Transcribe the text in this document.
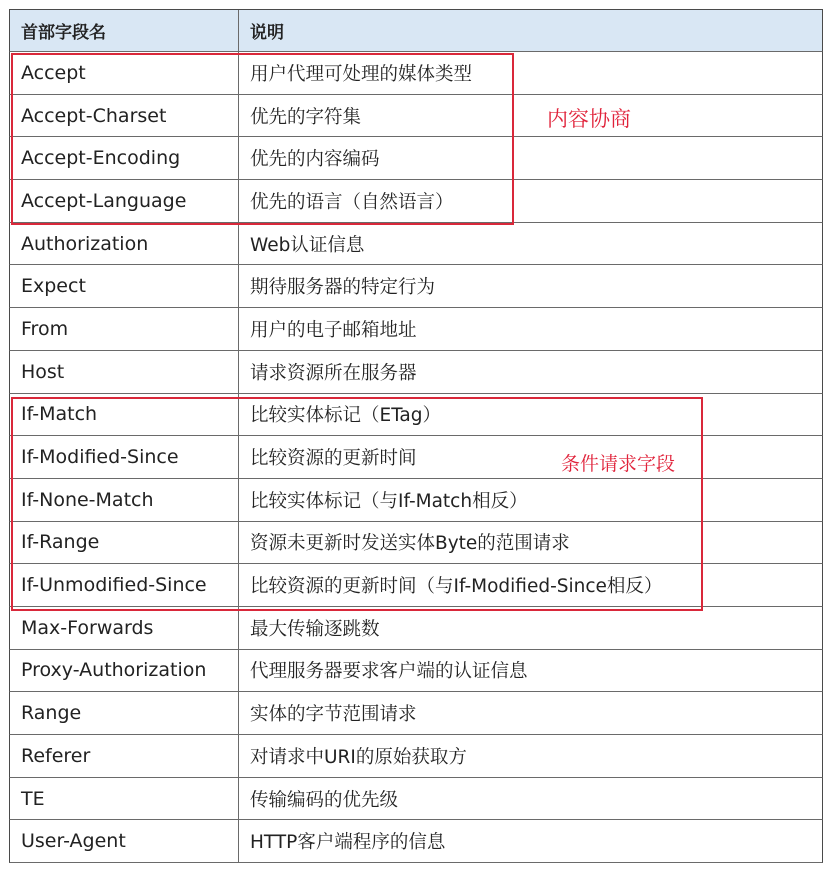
首部字段名	说明
Accept	用户代理可处理的媒体类型
Accept-Charset	优先的字符集
Accept-Encoding	优先的内容编码
Accept-Language	优先的语言（自然语言）
Authorization	Web认证信息
Expect	期待服务器的特定行为
From	用户的电子邮箱地址
Host	请求资源所在服务器
If-Match	比较实体标记（ETag）
If-Modified-Since	比较资源的更新时间
If-None-Match	比较实体标记（与If-Match相反）
If-Range	资源未更新时发送实体Byte的范围请求
If-Unmodified-Since	比较资源的更新时间（与If-Modified-Since相反）
Max-Forwards	最大传输逐跳数
Proxy-Authorization	代理服务器要求客户端的认证信息
Range	实体的字节范围请求
Referer	对请求中URI的原始获取方
TE	传输编码的优先级
User-Agent	HTTP客户端程序的信息
内容协商
条件请求字段
